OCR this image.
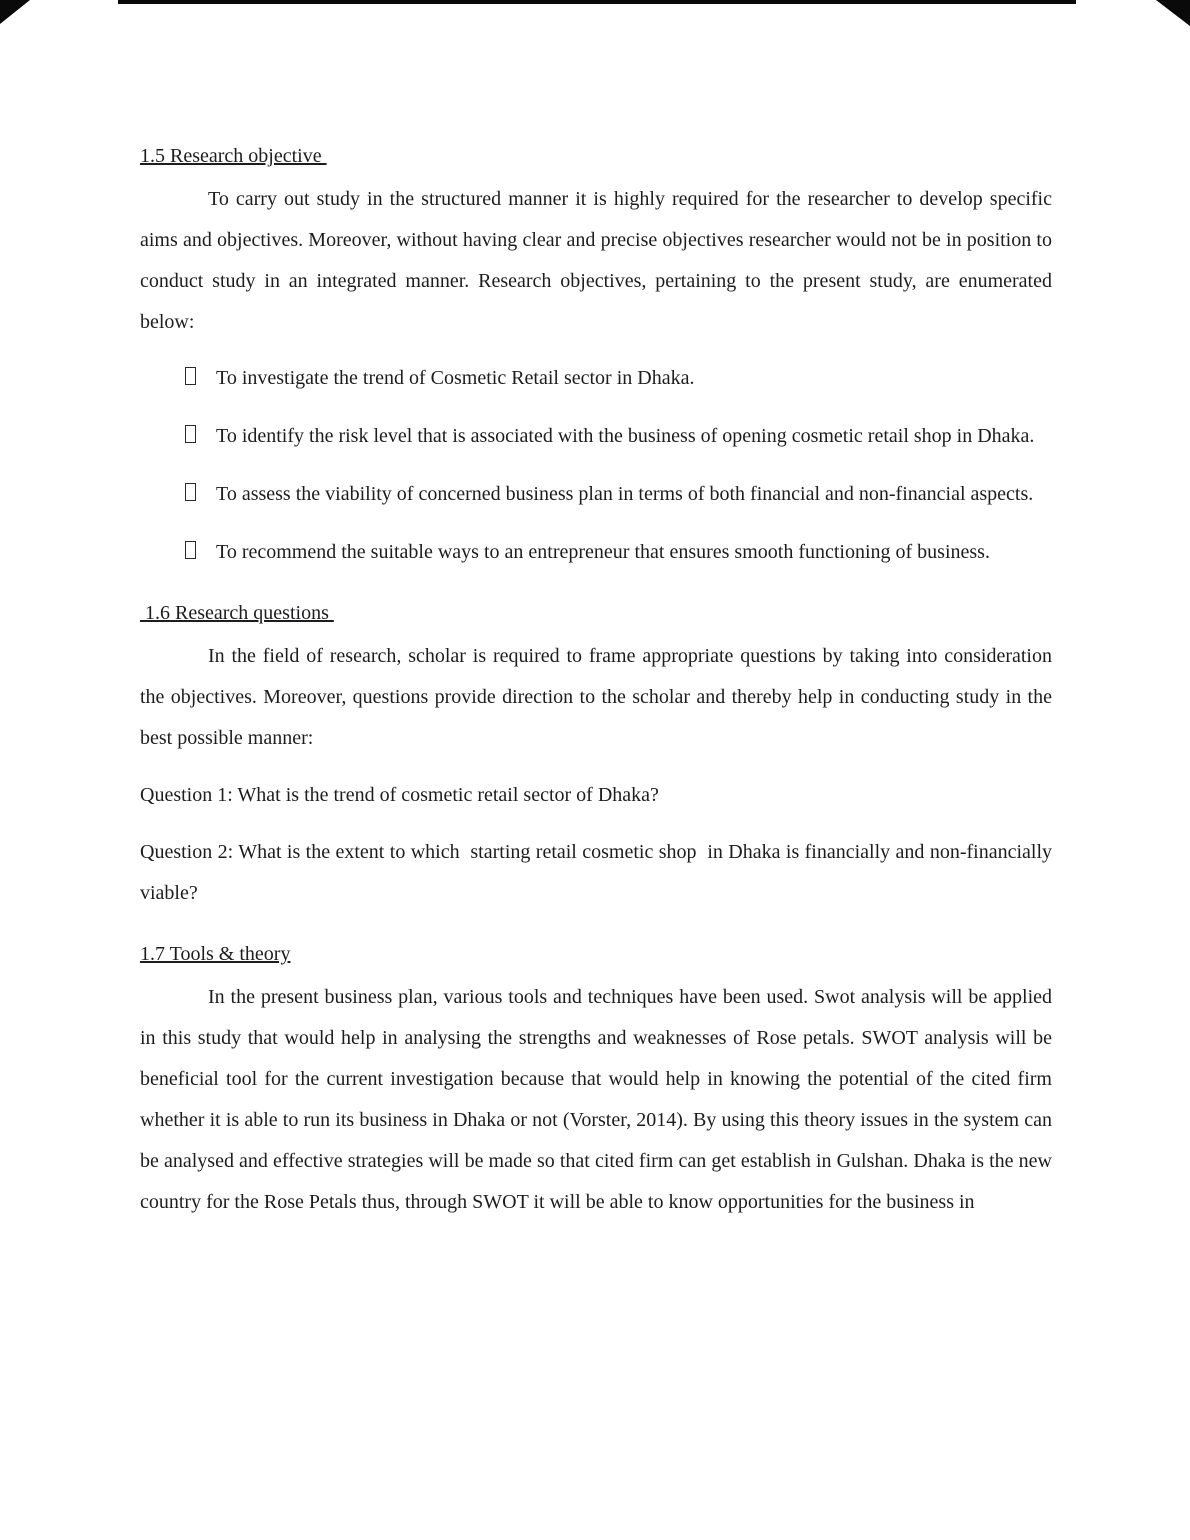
1.5 Research objective

To carry out study in the structured manner it is highly required for the researcher to develop specific aims and objectives. Moreover, without having clear and precise objectives researcher would not be in position to conduct study in an integrated manner. Research objectives, pertaining to the present study, are enumerated below:

To investigate the trend of Cosmetic Retail sector in Dhaka.
To identify the risk level that is associated with the business of opening cosmetic retail shop in Dhaka.
To assess the viability of concerned business plan in terms of both financial and non-financial aspects.
To recommend the suitable ways to an entrepreneur that ensures smooth functioning of business.
1.6 Research questions

In the field of research, scholar is required to frame appropriate questions by taking into consideration the objectives. Moreover, questions provide direction to the scholar and thereby help in conducting study in the best possible manner:

Question 1: What is the trend of cosmetic retail sector of Dhaka?

Question 2: What is the extent to which  starting retail cosmetic shop  in Dhaka is financially and non-financially viable?

1.7 Tools & theory

In the present business plan, various tools and techniques have been used. Swot analysis will be applied in this study that would help in analysing the strengths and weaknesses of Rose petals. SWOT analysis will be beneficial tool for the current investigation because that would help in knowing the potential of the cited firm whether it is able to run its business in Dhaka or not (Vorster, 2014). By using this theory issues in the system can be analysed and effective strategies will be made so that cited firm can get establish in Gulshan. Dhaka is the new country for the Rose Petals thus, through SWOT it will be able to know opportunities for the business in
